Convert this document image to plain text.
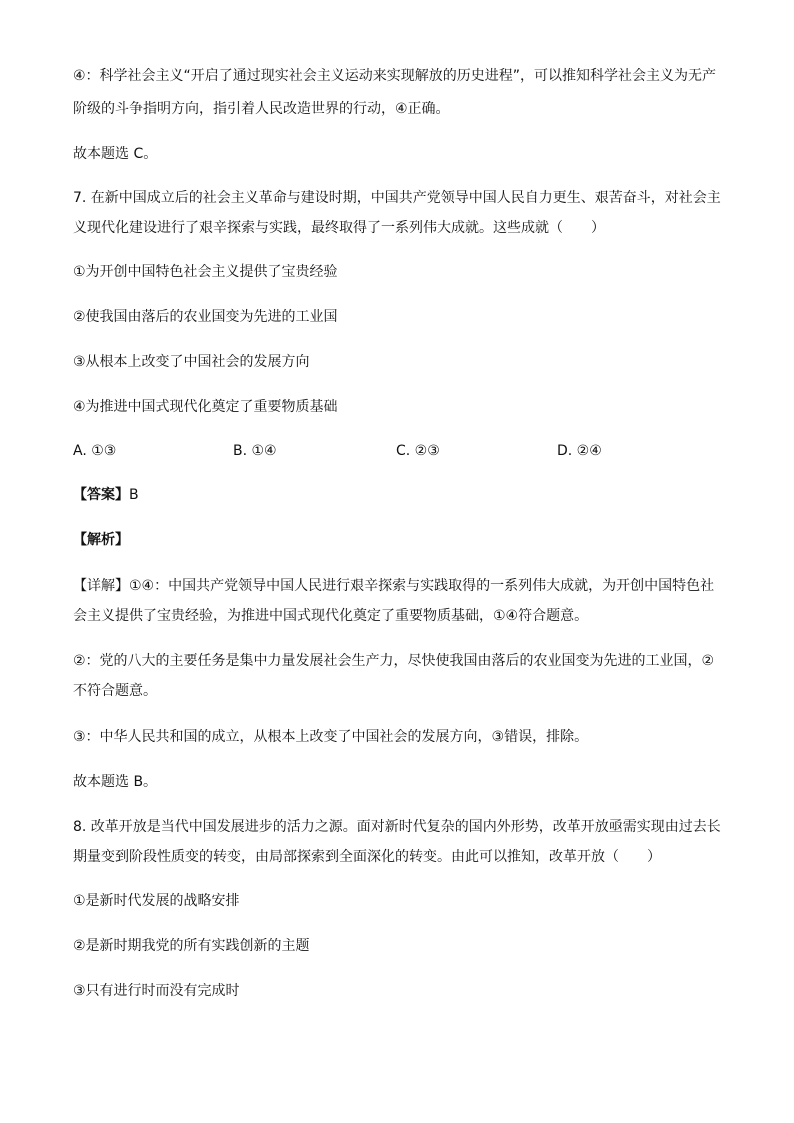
④：科学社会主义“开启了通过现实社会主义运动来实现解放的历史进程”，可以推知科学社会主义为无产
阶级的斗争指明方向，指引着人民改造世界的行动，④正确。
故本题选 C。
7. 在新中国成立后的社会主义革命与建设时期，中国共产党领导中国人民自力更生、艰苦奋斗，对社会主
义现代化建设进行了艰辛探索与实践，最终取得了一系列伟大成就。这些成就（　　）
①为开创中国特色社会主义提供了宝贵经验
②使我国由落后的农业国变为先进的工业国
③从根本上改变了中国社会的发展方向
④为推进中国式现代化奠定了重要物质基础
A. ①③	B. ①④	C. ②③	D. ②④
【答案】B
【解析】
【详解】①④：中国共产党领导中国人民进行艰辛探索与实践取得的一系列伟大成就，为开创中国特色社
会主义提供了宝贵经验，为推进中国式现代化奠定了重要物质基础，①④符合题意。
②：党的八大的主要任务是集中力量发展社会生产力，尽快使我国由落后的农业国变为先进的工业国，②
不符合题意。
③：中华人民共和国的成立，从根本上改变了中国社会的发展方向，③错误，排除。
故本题选 B。
8. 改革开放是当代中国发展进步的活力之源。面对新时代复杂的国内外形势，改革开放亟需实现由过去长
期量变到阶段性质变的转变，由局部探索到全面深化的转变。由此可以推知，改革开放（　　）
①是新时代发展的战略安排
②是新时期我党的所有实践创新的主题
③只有进行时而没有完成时
